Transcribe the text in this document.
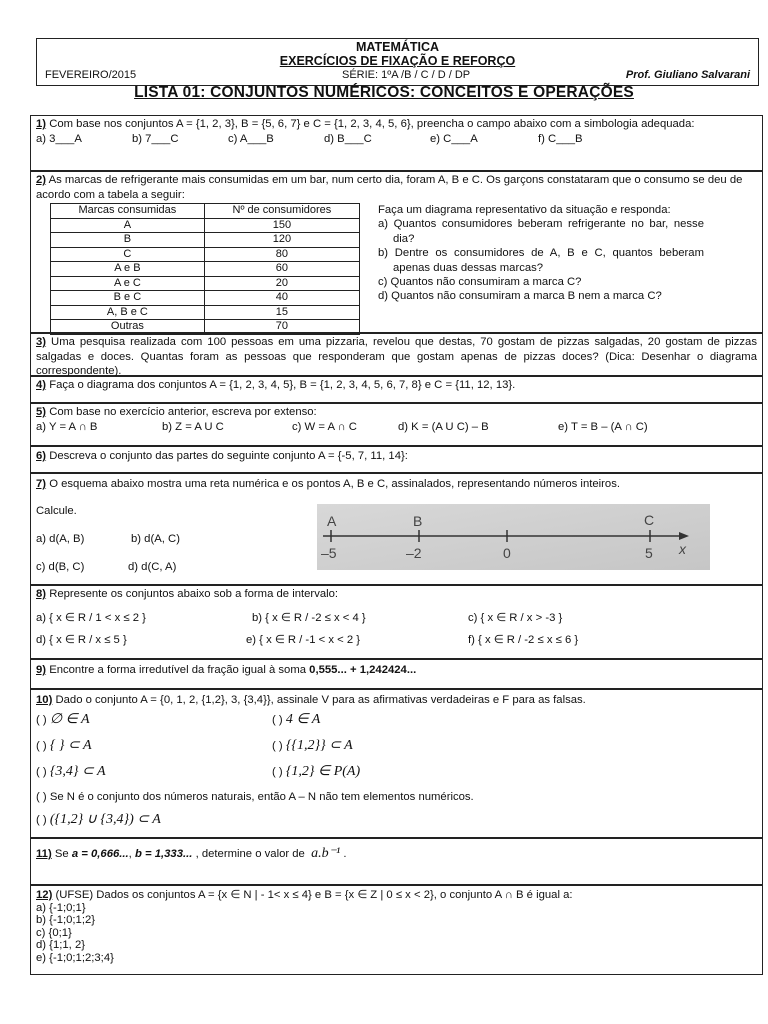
MATEMÁTICA
EXERCÍCIOS DE FIXAÇÃO E REFORÇO
FEVEREIRO/2015	SÉRIE: 1ºA /B / C / D / DP	Prof. Giuliano Salvarani
LISTA 01: CONJUNTOS NUMÉRICOS: CONCEITOS E OPERAÇÕES

1) Com base nos conjuntos A = {1, 2, 3}, B = {5, 6, 7} e C = {1, 2, 3, 4, 5, 6}, preencha o campo abaixo com a simbologia adequada:

a) 3___A	b) 7___C	c) A___B	d) B___C	e) C___A	f) C___B

2) As marcas de refrigerante mais consumidas em um bar, num certo dia, foram A, B e C. Os garçons constataram que o consumo se deu de acordo com a tabela a seguir:

Marcas consumidas	Nº de consumidores
A	150
B	120
C	80
A e B	60
A e C	20
B e C	40
A, B e C	15
Outras	70

Faça um diagrama representativo da situação e responda:

a) Quantos consumidores beberam refrigerante no bar, nesse dia?

b) Dentre os consumidores de A, B e C, quantos beberam apenas duas dessas marcas?

c) Quantos não consumiram a marca C?

d) Quantos não consumiram a marca B nem a marca C?

3) Uma pesquisa realizada com 100 pessoas em uma pizzaria, revelou que destas, 70 gostam de pizzas salgadas, 20 gostam de pizzas salgadas e doces. Quantas foram as pessoas que responderam que gostam apenas de pizzas doces? (Dica: Desenhar o diagrama correspondente).

4) Faça o diagrama dos conjuntos A = {1, 2, 3, 4, 5}, B = {1, 2, 3, 4, 5, 6, 7, 8} e C = {11, 12, 13}.

5) Com base no exercício anterior, escreva por extenso:

a) Y = A ∩ B	b) Z = A U C	c) W = A ∩ C	d) K = (A U C) – B	e) T = B – (A ∩ C)

6) Descreva o conjunto das partes do seguinte conjunto A = {-5, 7, 11, 14}:

7) O esquema abaixo mostra uma reta numérica e os pontos A, B e C, assinalados, representando números inteiros.

Calcule.

a) d(A, B)	b) d(A, C)
c) d(B, C)	d) d(C, A)
A	B	C
–5	–2	0	5 x

8) Represente os conjuntos abaixo sob a forma de intervalo:

a) { x ∈ R / 1 < x ≤ 2 }	b) { x ∈ R / -2 ≤ x < 4 }	c) { x ∈ R / x > -3 }
d) { x ∈ R / x ≤ 5 }	e) { x ∈ R / -1 < x < 2 }	f) { x ∈ R / -2 ≤ x ≤ 6 }

9) Encontre a forma irredutível da fração igual à soma 0,555... + 1,242424...

10) Dado o conjunto A = {0, 1, 2, {1,2}, 3, {3,4}}, assinale V para as afirmativas verdadeiras e F para as falsas.

( ) ∅ ∈ A	( ) 4 ∈ A
( ) { } ⊂ A	( ) {{1,2}} ⊂ A
( ) {3,4} ⊂ A	( ) {1,2} ∈ P(A)
( ) Se N é o conjunto dos números naturais, então A – N não tem elementos numéricos.
( ) ({1,2} ∪ {3,4}) ⊂ A

11) Se a = 0,666..., b = 1,333... , determine o valor de a.b⁻¹ .

12) (UFSE) Dados os conjuntos A = {x ∈ N | - 1< x ≤ 4} e B = {x ∈ Z | 0 ≤ x < 2}, o conjunto A ∩ B é igual a:

a) {-1;0;1}

b) {-1;0;1;2}

c) {0;1}

d) {1;1, 2}

e) {-1;0;1;2;3;4}
